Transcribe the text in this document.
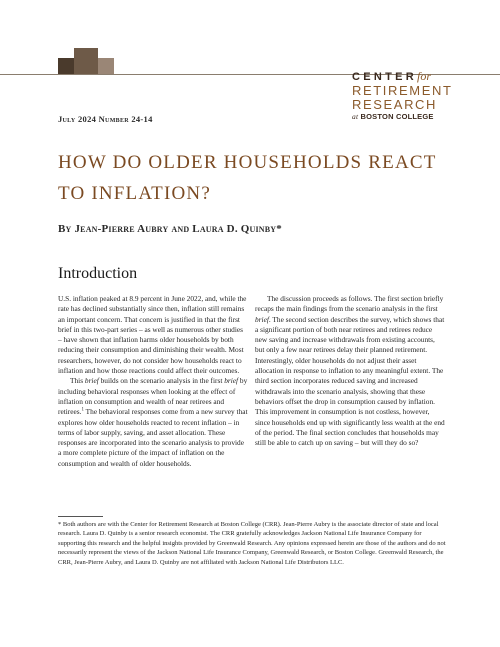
CENTERfor
RETIREMENT
RESEARCH
at BOSTON COLLEGE
July 2024 Number 24-14
HOW DO OLDER HOUSEHOLDS REACT
TO INFLATION?
By Jean-Pierre Aubry and Laura D. Quinby*
Introduction

U.S. inflation peaked at 8.9 percent in June 2022, and, while the rate has declined substantially since then, inflation still remains an important concern. That concern is justified in that the first brief in this two-part series – as well as numerous other studies – have shown that inflation harms older households by both reducing their consumption and diminishing their wealth. Most researchers, however, do not consider how households react to inflation and how those reactions could affect their outcomes.

This brief builds on the scenario analysis in the first brief by including behavioral responses when looking at the effect of inflation on consumption and wealth of near retirees and retirees.$^1$ The behavioral responses come from a new survey that explores how older households reacted to recent inflation – in terms of labor supply, saving, and asset allocation. These responses are incorporated into the scenario analysis to provide a more complete picture of the impact of inflation on the consumption and wealth of older households.

The discussion proceeds as follows. The first section briefly recaps the main findings from the scenario analysis in the first brief. The second section describes the survey, which shows that a significant portion of both near retirees and retirees reduce new saving and increase withdrawals from existing accounts, but only a few near retirees delay their planned retirement. Interestingly, older households do not adjust their asset allocation in response to inflation to any meaningful extent. The third section incorporates reduced saving and increased withdrawals into the scenario analysis, showing that these behaviors offset the drop in consumption caused by inflation. This improvement in consumption is not costless, however, since households end up with significantly less wealth at the end of the period. The final section concludes that households may still be able to catch up on saving – but will they do so?

* Both authors are with the Center for Retirement Research at Boston College (CRR). Jean-Pierre Aubry is the associate director of state and local research. Laura D. Quinby is a senior research economist. The CRR gratefully acknowledges Jackson National Life Insurance Company for supporting this research and the helpful insights provided by Greenwald Research. Any opinions expressed herein are those of the authors and do not necessarily represent the views of the Jackson National Life Insurance Company, Greenwald Research, or Boston College. Greenwald Research, the CRR, Jean-Pierre Aubry, and Laura D. Quinby are not affiliated with Jackson National Life Distributors LLC.
